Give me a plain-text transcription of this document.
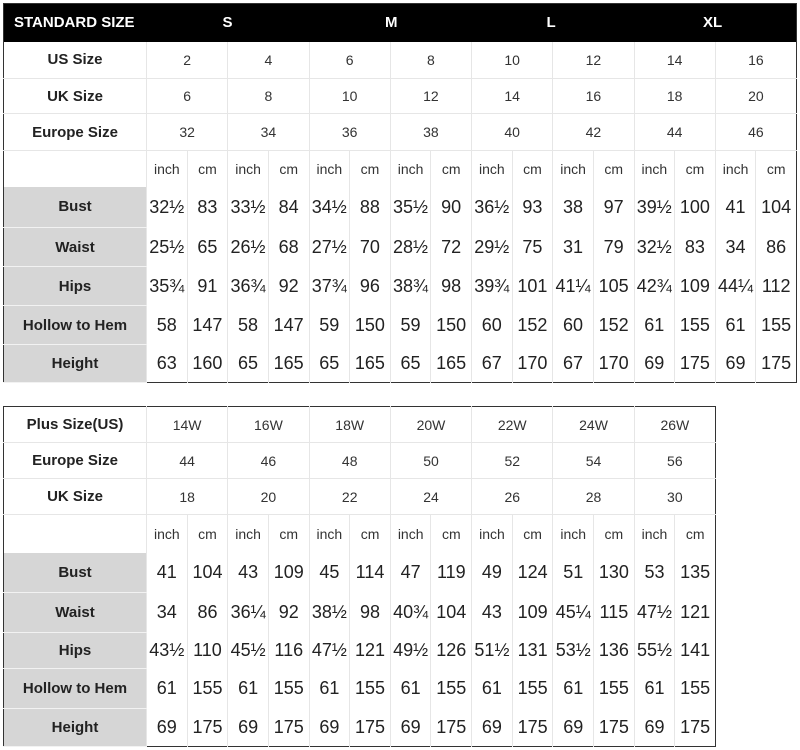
STANDARD SIZE	S				M				L				XL			
US Size	2		4		6		8		10		12		14		16	
UK Size	6		8		10		12		14		16		18		20	
Europe Size	32		34		36		38		40		42		44		46	
	inch	cm	inch	cm	inch	cm	inch	cm	inch	cm	inch	cm	inch	cm	inch	cm
Bust	32½	83	33½	84	34½	88	35½	90	36½	93	38	97	39½	100	41	104
Waist	25½	65	26½	68	27½	70	28½	72	29½	75	31	79	32½	83	34	86
Hips	35¾	91	36¾	92	37¾	96	38¾	98	39¾	101	41¼	105	42¾	109	44¼	112
Hollow to Hem	58	147	58	147	59	150	59	150	60	152	60	152	61	155	61	155
Height	63	160	65	165	65	165	65	165	67	170	67	170	69	175	69	175
Plus Size(US)	14W		16W		18W		20W		22W		24W		26W	
Europe Size	44		46		48		50		52		54		56	
UK Size	18		20		22		24		26		28		30	
	inch	cm	inch	cm	inch	cm	inch	cm	inch	cm	inch	cm	inch	cm
Bust	41	104	43	109	45	114	47	119	49	124	51	130	53	135
Waist	34	86	36¼	92	38½	98	40¾	104	43	109	45¼	115	47½	121
Hips	43½	110	45½	116	47½	121	49½	126	51½	131	53½	136	55½	141
Hollow to Hem	61	155	61	155	61	155	61	155	61	155	61	155	61	155
Height	69	175	69	175	69	175	69	175	69	175	69	175	69	175
